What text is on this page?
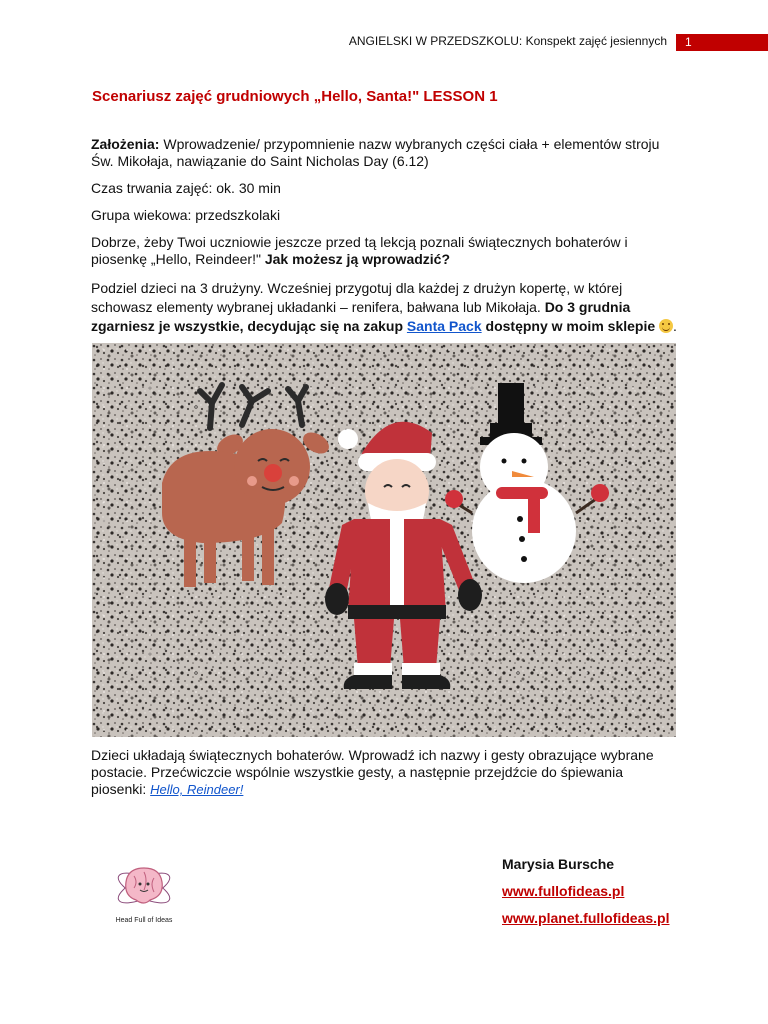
ANGIELSKI W PRZEDSZKOLU: Konspekt zajęć jesiennych	1
Scenariusz zajęć grudniowych „Hello, Santa!" LESSON 1
Założenia: Wprowadzenie/ przypomnienie nazw wybranych części ciała + elementów stroju Św. Mikołaja, nawiązanie do Saint Nicholas Day (6.12)
Czas trwania zajęć: ok. 30 min
Grupa wiekowa: przedszkolaki
Dobrze, żeby Twoi uczniowie jeszcze przed tą lekcją poznali świątecznych bohaterów i piosenkę „Hello, Reindeer!" Jak możesz ją wprowadzić?
Podziel dzieci na 3 drużyny. Wcześniej przygotuj dla każdej z drużyn kopertę, w której schowasz elementy wybranej układanki – renifera, bałwana lub Mikołaja. Do 3 grudnia zgarniesz je wszystkie, decydując się na zakup Santa Pack dostępny w moim sklepie .
Dzieci układają świątecznych bohaterów. Wprowadź ich nazwy i gesty obrazujące wybrane postacie. Przećwiczcie wspólnie wszystkie gesty, a następnie przejdźcie do śpiewania piosenki: Hello, Reindeer!
Head Full of Ideas
Marysia Bursche
www.fullofideas.pl
www.planet.fullofideas.pl
